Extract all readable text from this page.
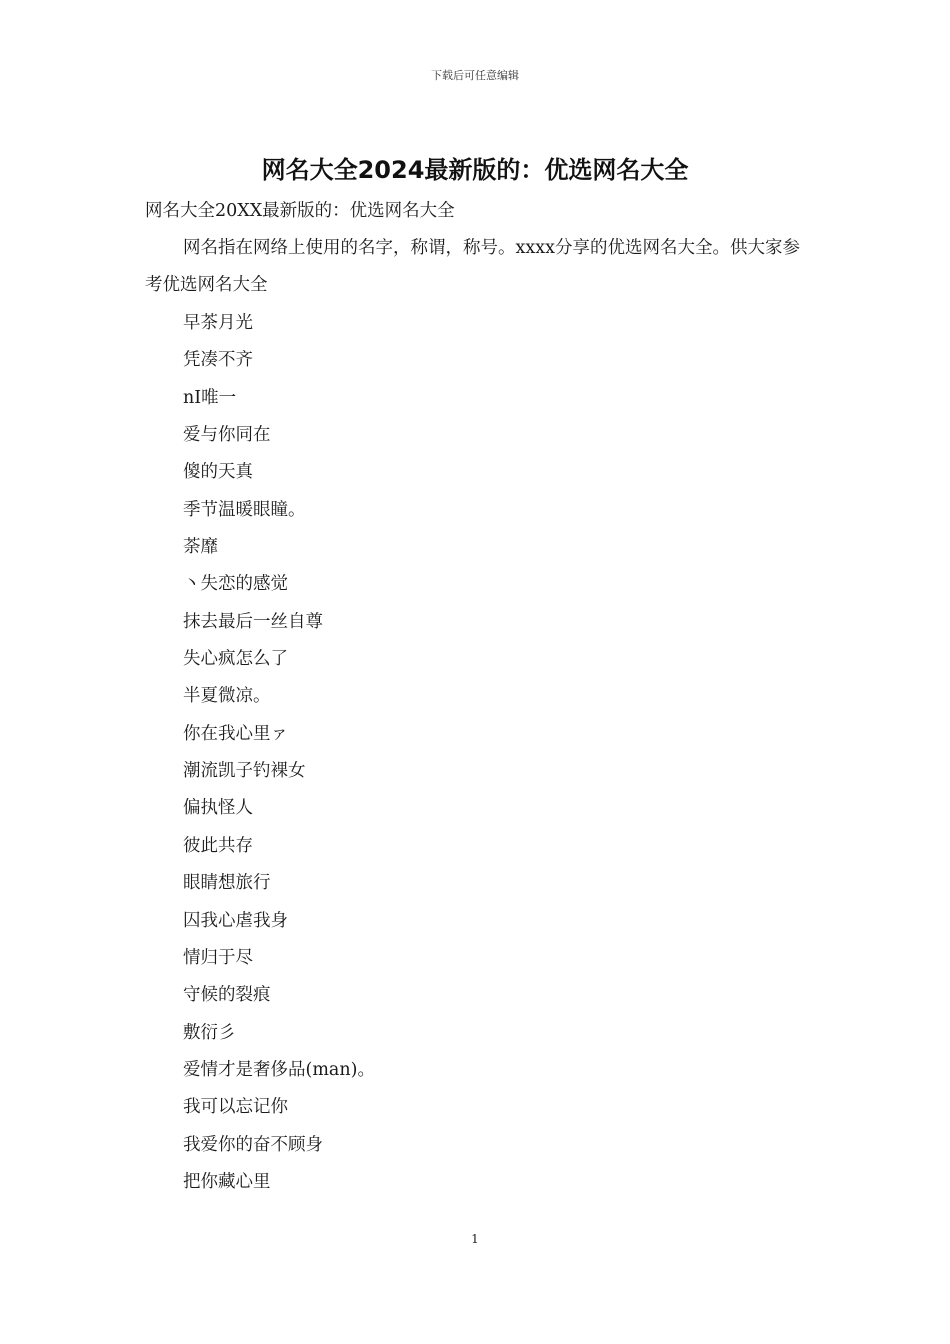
下载后可任意编辑
网名大全2024最新版的：优选网名大全
网名大全20XX最新版的：优选网名大全
网名指在网络上使用的名字，称谓，称号。xxxx分享的优选网名大全。供大家参考优选网名大全
早茶月光
凭凑不齐
nI唯一
爱与你同在
傻的天真
季节温暖眼瞳。
荼靡
丶失恋的感觉
抹去最后一丝自尊
失心疯怎么了
半夏微凉。
你在我心里ァ
潮流凯子钓裸女
偏执怪人
彼此共存
眼睛想旅行
囚我心虐我身
情归于尽
守候的裂痕
敷衍彡
爱情才是奢侈品(man)。
我可以忘记你
我爱你的奋不顾身
把你藏心里
1
